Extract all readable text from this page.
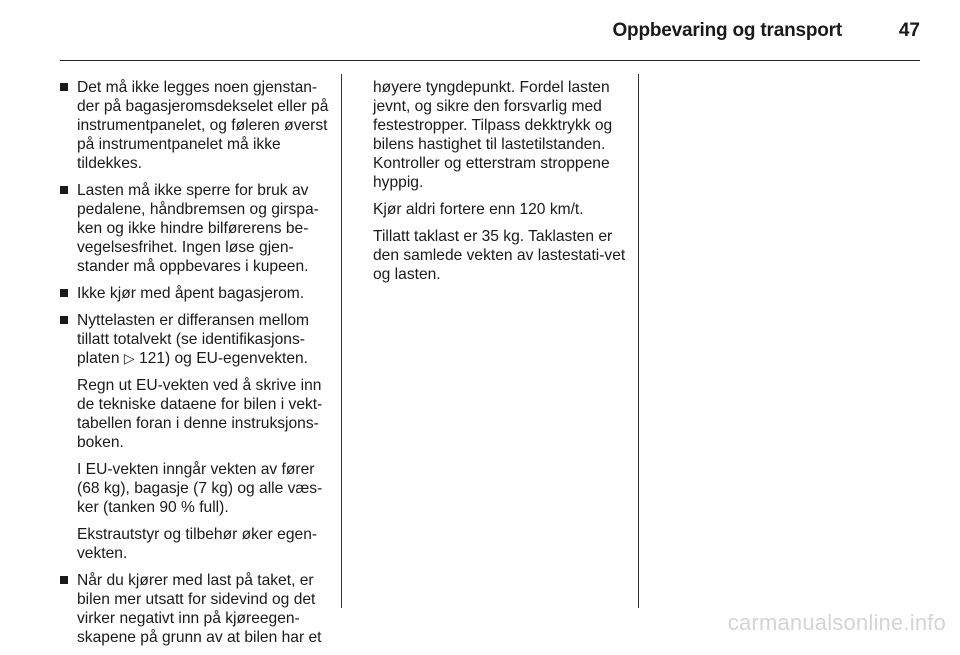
Oppbevaring og transport	47
Det må ikke legges noen gjenstan-der på bagasjeromsdekselet eller på instrumentpanelet, og føleren øverst på instrumentpanelet må ikke tildekkes.
Lasten må ikke sperre for bruk av pedalene, håndbremsen og girspa-ken og ikke hindre bilførerens be-vegelsesfrihet. Ingen løse gjen-stander må oppbevares i kupeen.
Ikke kjør med åpent bagasjerom.
Nyttelasten er differansen mellom tillatt totalvekt (se identifikasjons-platen ▷ 121) og EU-egenvekten.

Regn ut EU-vekten ved å skrive inn de tekniske dataene for bilen i vekt-tabellen foran i denne instruksjons-boken.

I EU-vekten inngår vekten av fører (68 kg), bagasje (7 kg) og alle væs-ker (tanken 90 % full).

Ekstrautstyr og tilbehør øker egen-vekten.

Når du kjører med last på taket, er bilen mer utsatt for sidevind og det virker negativt inn på kjøreegen-skapene på grunn av at bilen har et

høyere tyngdepunkt. Fordel lasten jevnt, og sikre den forsvarlig med festestropper. Tilpass dekktrykk og bilens hastighet til lastetilstanden. Kontroller og etterstram stroppene hyppig.

Kjør aldri fortere enn 120 km/t.

Tillatt taklast er 35 kg. Taklasten er den samlede vekten av lastestati-vet og lasten.

carmanualsonline.info
